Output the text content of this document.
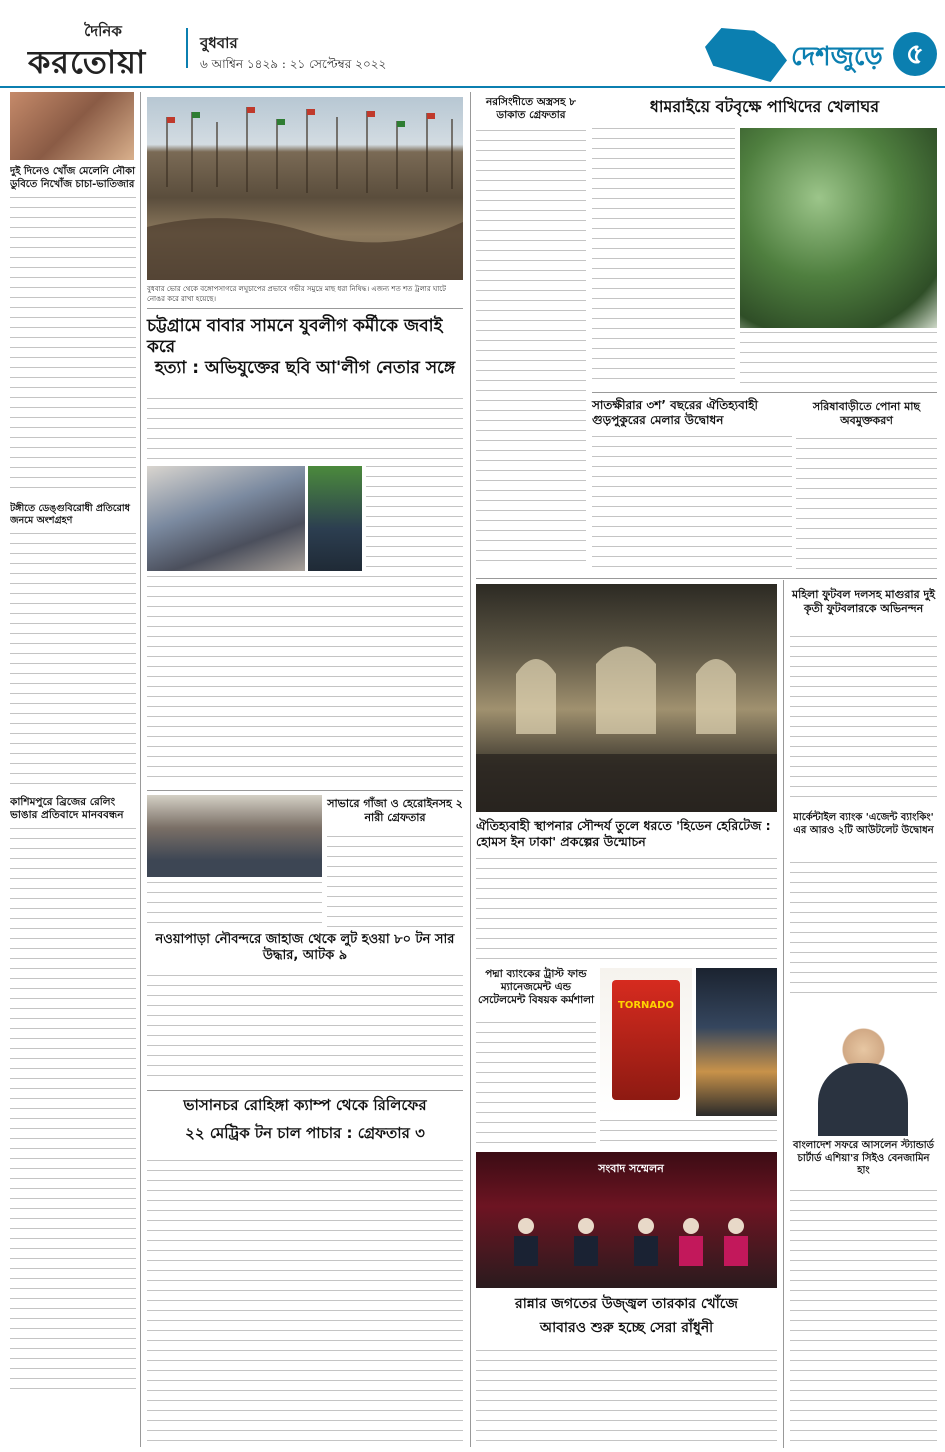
দৈনিক
করতোয়া	বুধবার
৬ আশ্বিন ১৪২৯ : ২১ সেপ্টেম্বর ২০২২	দেশজুড়ে ৫
দুই দিনেও খোঁজ মেলেনি নৌকা ডুবিতে নিখোঁজ চাচা-ভাতিজার
টঙ্গীতে ডেঙ্গুবিরোধী প্রতিরোধ জনমে অংশগ্রহণ
কাশিমপুরে ব্রিজের রেলিং ভাঙার প্রতিবাদে মানববন্ধন
বুধবার ভোর থেকে বঙ্গোপসাগরে লঘুচাপের প্রভাবে গভীর সমুদ্রে মাছ ধরা নিষিদ্ধ। এজন্য শত শত ট্রলার ঘাটে নোঙর করে রাখা হয়েছে।
চট্টগ্রামে বাবার সামনে যুবলীগ কর্মীকে জবাই করে
হত্যা : অভিযুক্তের ছবি আ'লীগ নেতার সঙ্গে
সাভারে গাঁজা ও হেরোইনসহ ২ নারী গ্রেফতার
নওয়াপাড়া নৌবন্দরে জাহাজ থেকে লুট হওয়া ৮০ টন সার উদ্ধার, আটক ৯
ভাসানচর রোহিঙ্গা ক্যাম্প থেকে রিলিফের
২২ মেট্রিক টন চাল পাচার : গ্রেফতার ৩
নরসিংদীতে অস্ত্রসহ ৮ ডাকাত গ্রেফতার	ধামরাইয়ে বটবৃক্ষে পাখিদের খেলাঘর
সাতক্ষীরার ৩শ’ বছরের ঐতিহ্যবাহী গুড়পুকুরের মেলার উদ্বোধন
সরিষাবাড়ীতে পোনা মাছ অবমুক্তকরণ
ঐতিহ্যবাহী স্থাপনার সৌন্দর্য তুলে ধরতে 'হিডেন হেরিটেজ : হোমস ইন ঢাকা' প্রকল্পের উন্মোচন
মহিলা ফুটবল দলসহ মাগুরার দুই কৃতী ফুটবলারকে অভিনন্দন
মার্কেন্টাইল ব্যাংক 'এজেন্ট ব্যাংকিং' এর আরও ২টি আউটলেট উদ্বোধন
পদ্মা ব্যাংকের ট্রাস্ট ফান্ড ম্যানেজমেন্ট এন্ড সেটেলমেন্ট বিষয়ক কর্মশালা	TORNADO
বাংলাদেশ সফরে আসলেন স্ট্যান্ডার্ড চার্টার্ড এশিয়া'র সিইও বেনজামিন হাং
সংবাদ সম্মেলন
রান্নার জগতের উজ্জ্বল তারকার খোঁজে
আবারও শুরু হচ্ছে সেরা রাঁধুনী
